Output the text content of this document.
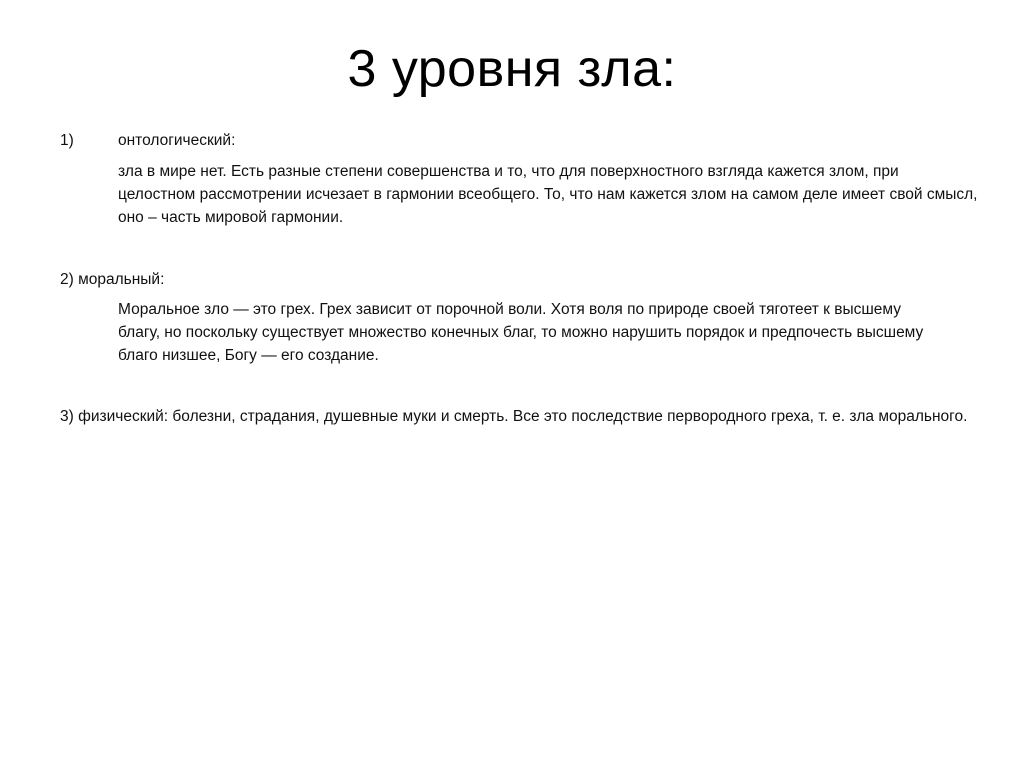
3 уровня зла:
1)	онтологический:
зла в мире нет. Есть разные степени совершенства и то, что для поверхностного взгляда кажется злом, при целостном рассмотрении исчезает в гармонии всеобщего. То, что нам кажется злом на самом деле имеет свой смысл, оно – часть мировой гармонии.
2) моральный:
Моральное зло — это грех. Грех зависит от порочной воли. Хотя воля по природе своей тяготеет к высшему благу, но поскольку существует множество конечных благ, то можно нарушить порядок и предпочесть высшему благо низшее, Богу — его создание.
3) физический: болезни, страдания, душевные муки и смерть. Все это последствие первородного греха, т. е. зла морального.
